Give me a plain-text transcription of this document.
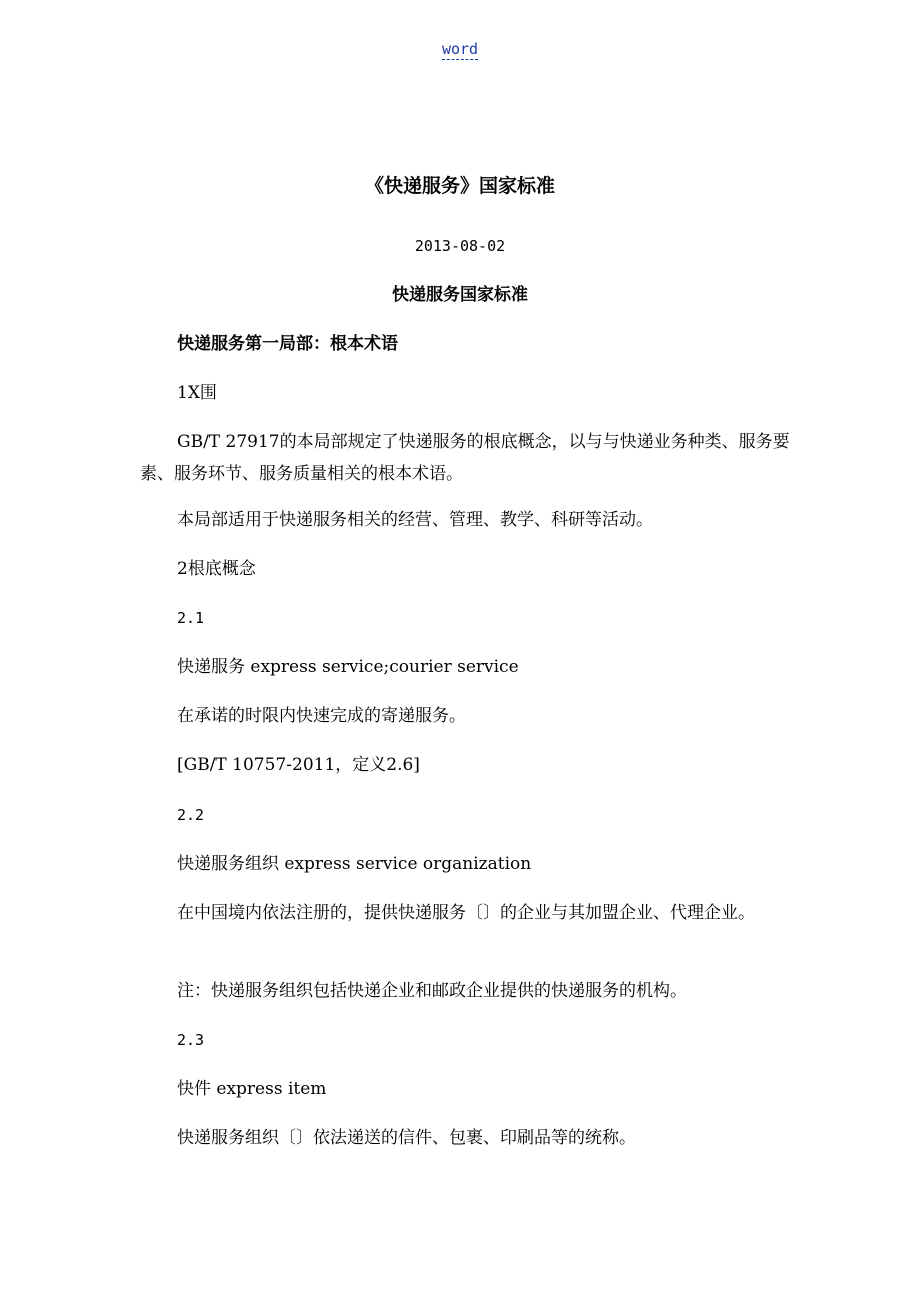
word
《快递服务》国家标准
2013-08-02
快递服务国家标准
快递服务第一局部：根本术语
1X围
GB/T 27917的本局部规定了快递服务的根底概念，以与与快递业务种类、服务要素、服务环节、服务质量相关的根本术语。
本局部适用于快递服务相关的经营、管理、教学、科研等活动。
2根底概念
2.1
快递服务 express service;courier service
在承诺的时限内快速完成的寄递服务。
[GB/T 10757-2011，定义2.6]
2.2
快递服务组织 express service organization
在中国境内依法注册的，提供快递服务〔〕的企业与其加盟企业、代理企业。
注：快递服务组织包括快递企业和邮政企业提供的快递服务的机构。
2.3
快件 express item
快递服务组织〔〕依法递送的信件、包裹、印刷品等的统称。
